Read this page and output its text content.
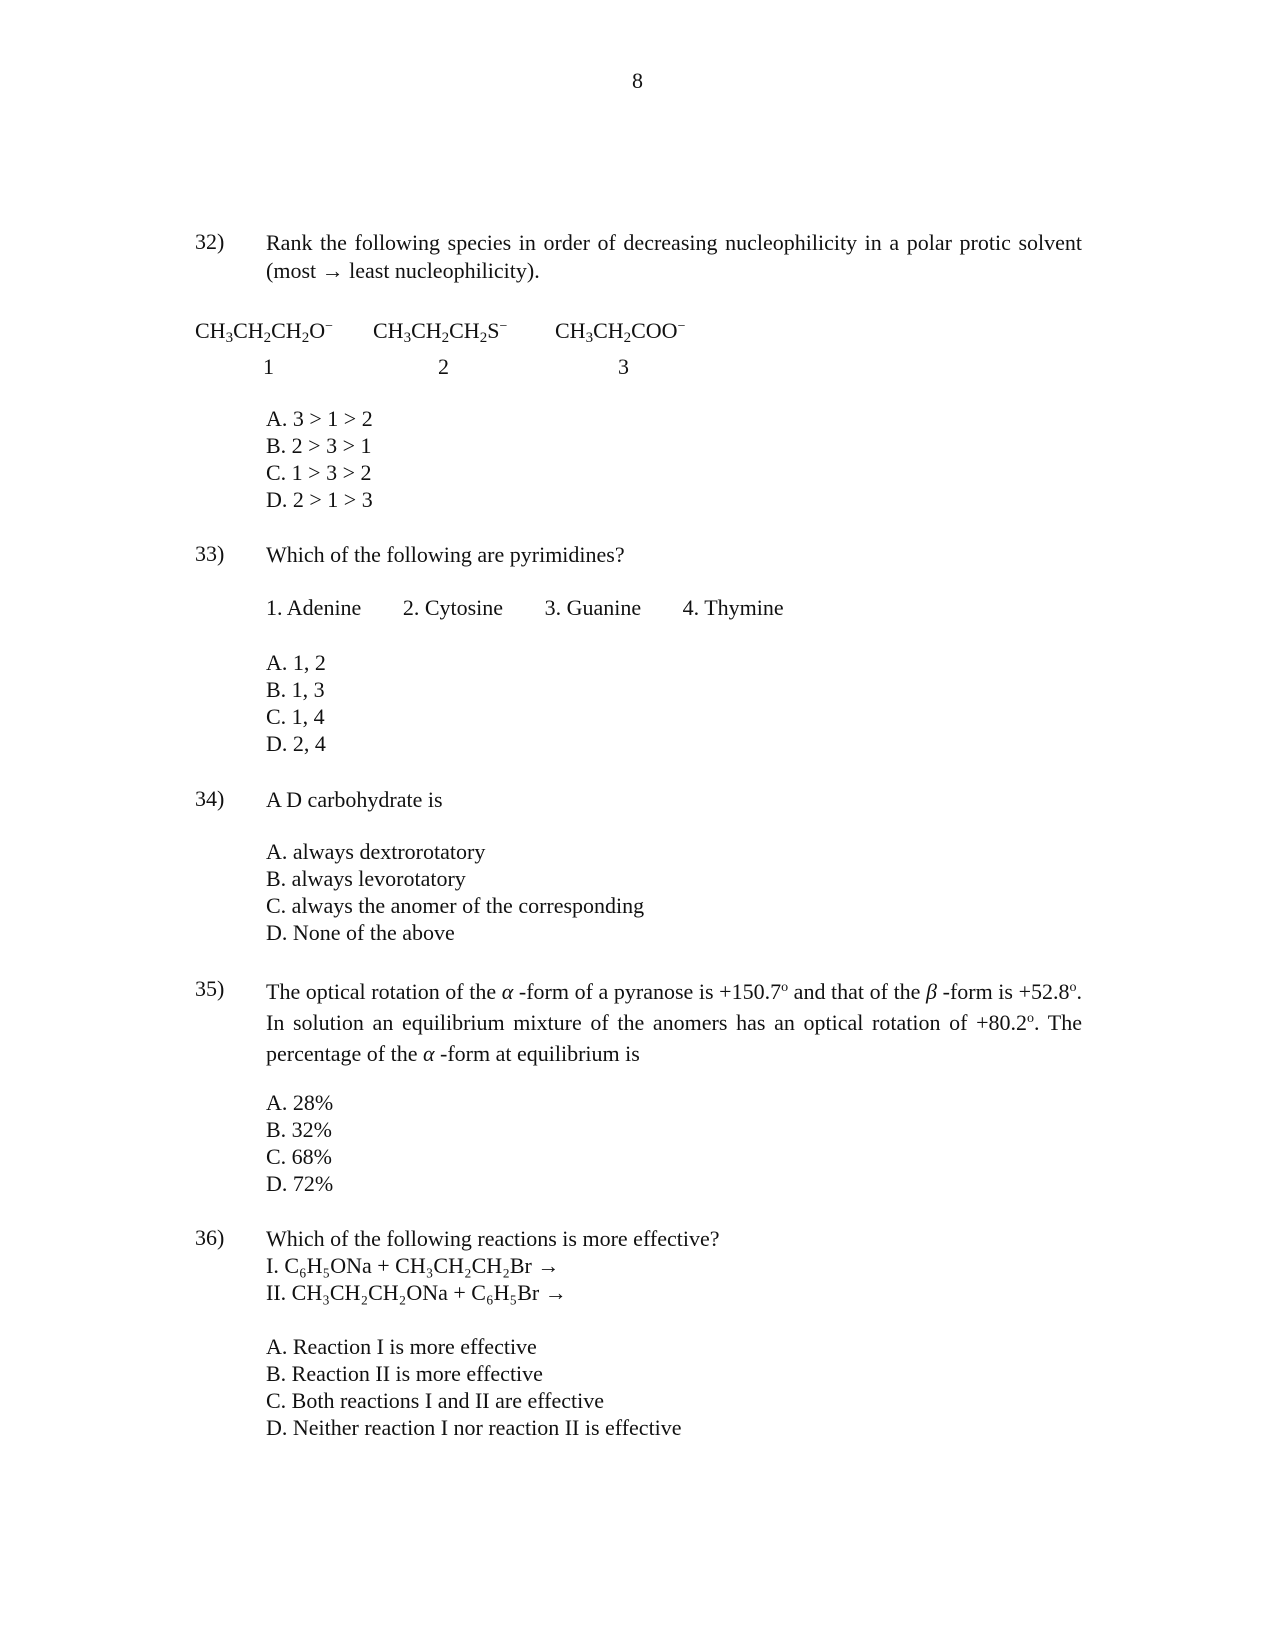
8
32) Rank the following species in order of decreasing nucleophilicity in a polar protic solvent (most → least nucleophilicity).
$CH_3CH_2CH_2O^-$ $CH_3CH_2CH_2S^-$ $CH_3CH_2COO^-$
1	2	3
A. 3 > 1 > 2
B. 2 > 3 > 1
C. 1 > 3 > 2
D. 2 > 1 > 3
33) Which of the following are pyrimidines?
1. Adenine 2. Cytosine 3. Guanine 4. Thymine
A. 1, 2
B. 1, 3
C. 1, 4
D. 2, 4
34) A D carbohydrate is
A. always dextrorotatory
B. always levorotatory
C. always the anomer of the corresponding
D. None of the above
35) The optical rotation of the α -form of a pyranose is $+150.7^o$ and that of the β -form is $+52.8^o$. In solution an equilibrium mixture of the anomers has an optical rotation of $+80.2^o$. The percentage of the α -form at equilibrium is
A. 28%
B. 32%
C. 68%
D. 72%
36) Which of the following reactions is more effective?
I. C₆H₅ONa + CH₃CH₂CH₂Br →
II. CH₃CH₂CH₂ONa + C₆H₅Br →
A. Reaction I is more effective
B. Reaction II is more effective
C. Both reactions I and II are effective
D. Neither reaction I nor reaction II is effective
